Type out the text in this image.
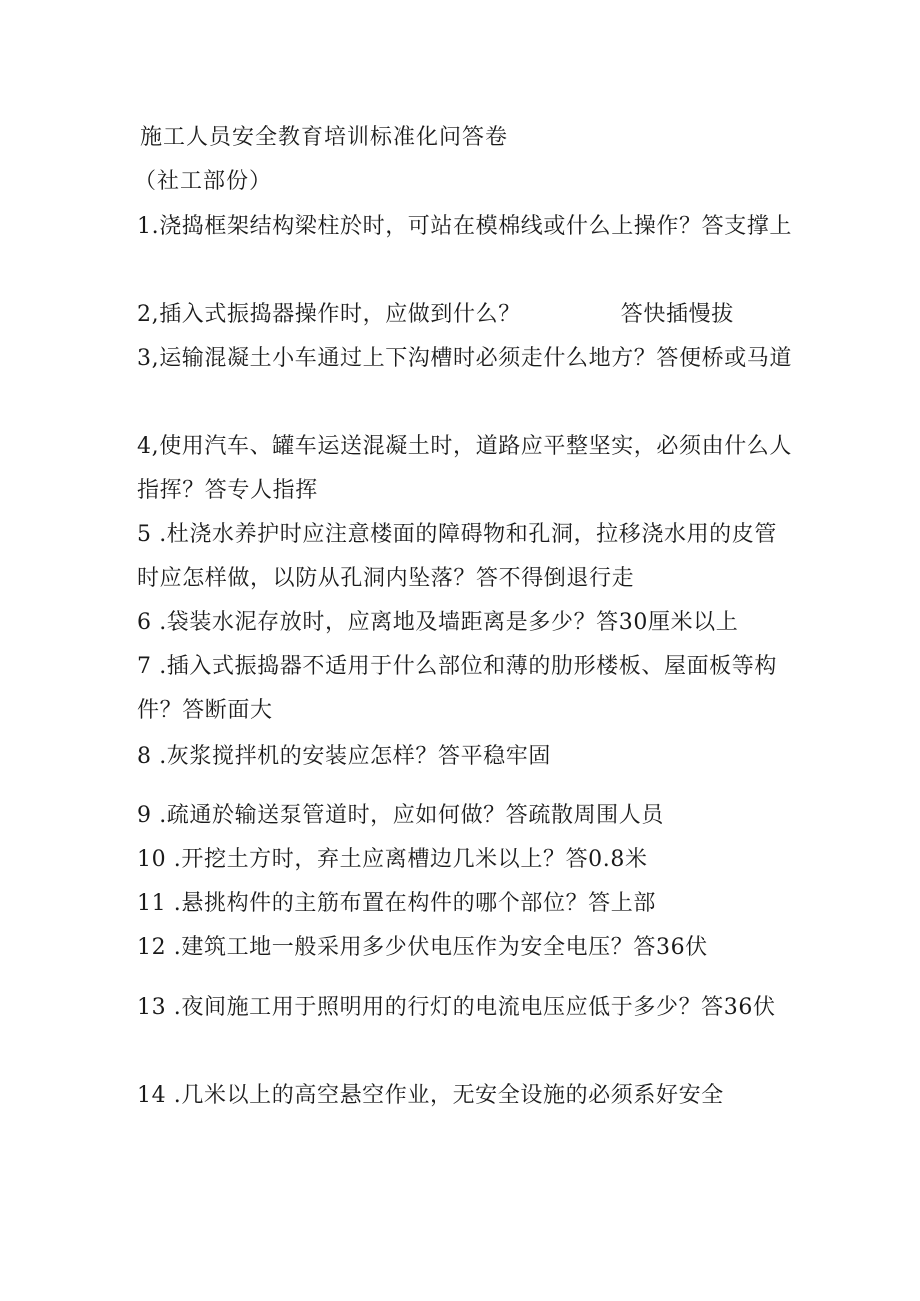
施工人员安全教育培训标准化问答卷
（社工部份）
1.浇捣框架结构梁柱於时，可站在模棉线或什么上操作？答支撑上
2,插入式振捣器操作时，应做到什么？	答快插慢拔
3,运输混凝土小车通过上下沟槽时必须走什么地方？答便桥或马道
4,使用汽车、罐车运送混凝土时，道路应平整坚实，必须由什么人指挥？答专人指挥
5 .杜浇水养护时应注意楼面的障碍物和孔洞，拉移浇水用的皮管时应怎样做，以防从孔洞内坠落？答不得倒退行走
6 .袋装水泥存放时，应离地及墙距离是多少？答30厘米以上
7 .插入式振捣器不适用于什么部位和薄的肋形楼板、屋面板等构件？答断面大
8 .灰浆搅拌机的安装应怎样？答平稳牢固
9 .疏通於输送泵管道时，应如何做？答疏散周围人员
10 .开挖土方时，弃土应离槽边几米以上？答0.8米
11 .悬挑构件的主筋布置在构件的哪个部位？答上部
12 .建筑工地一般采用多少伏电压作为安全电压？答36伏
13 .夜间施工用于照明用的行灯的电流电压应低于多少？答36伏
14 .几米以上的高空悬空作业，无安全设施的必须系好安全
